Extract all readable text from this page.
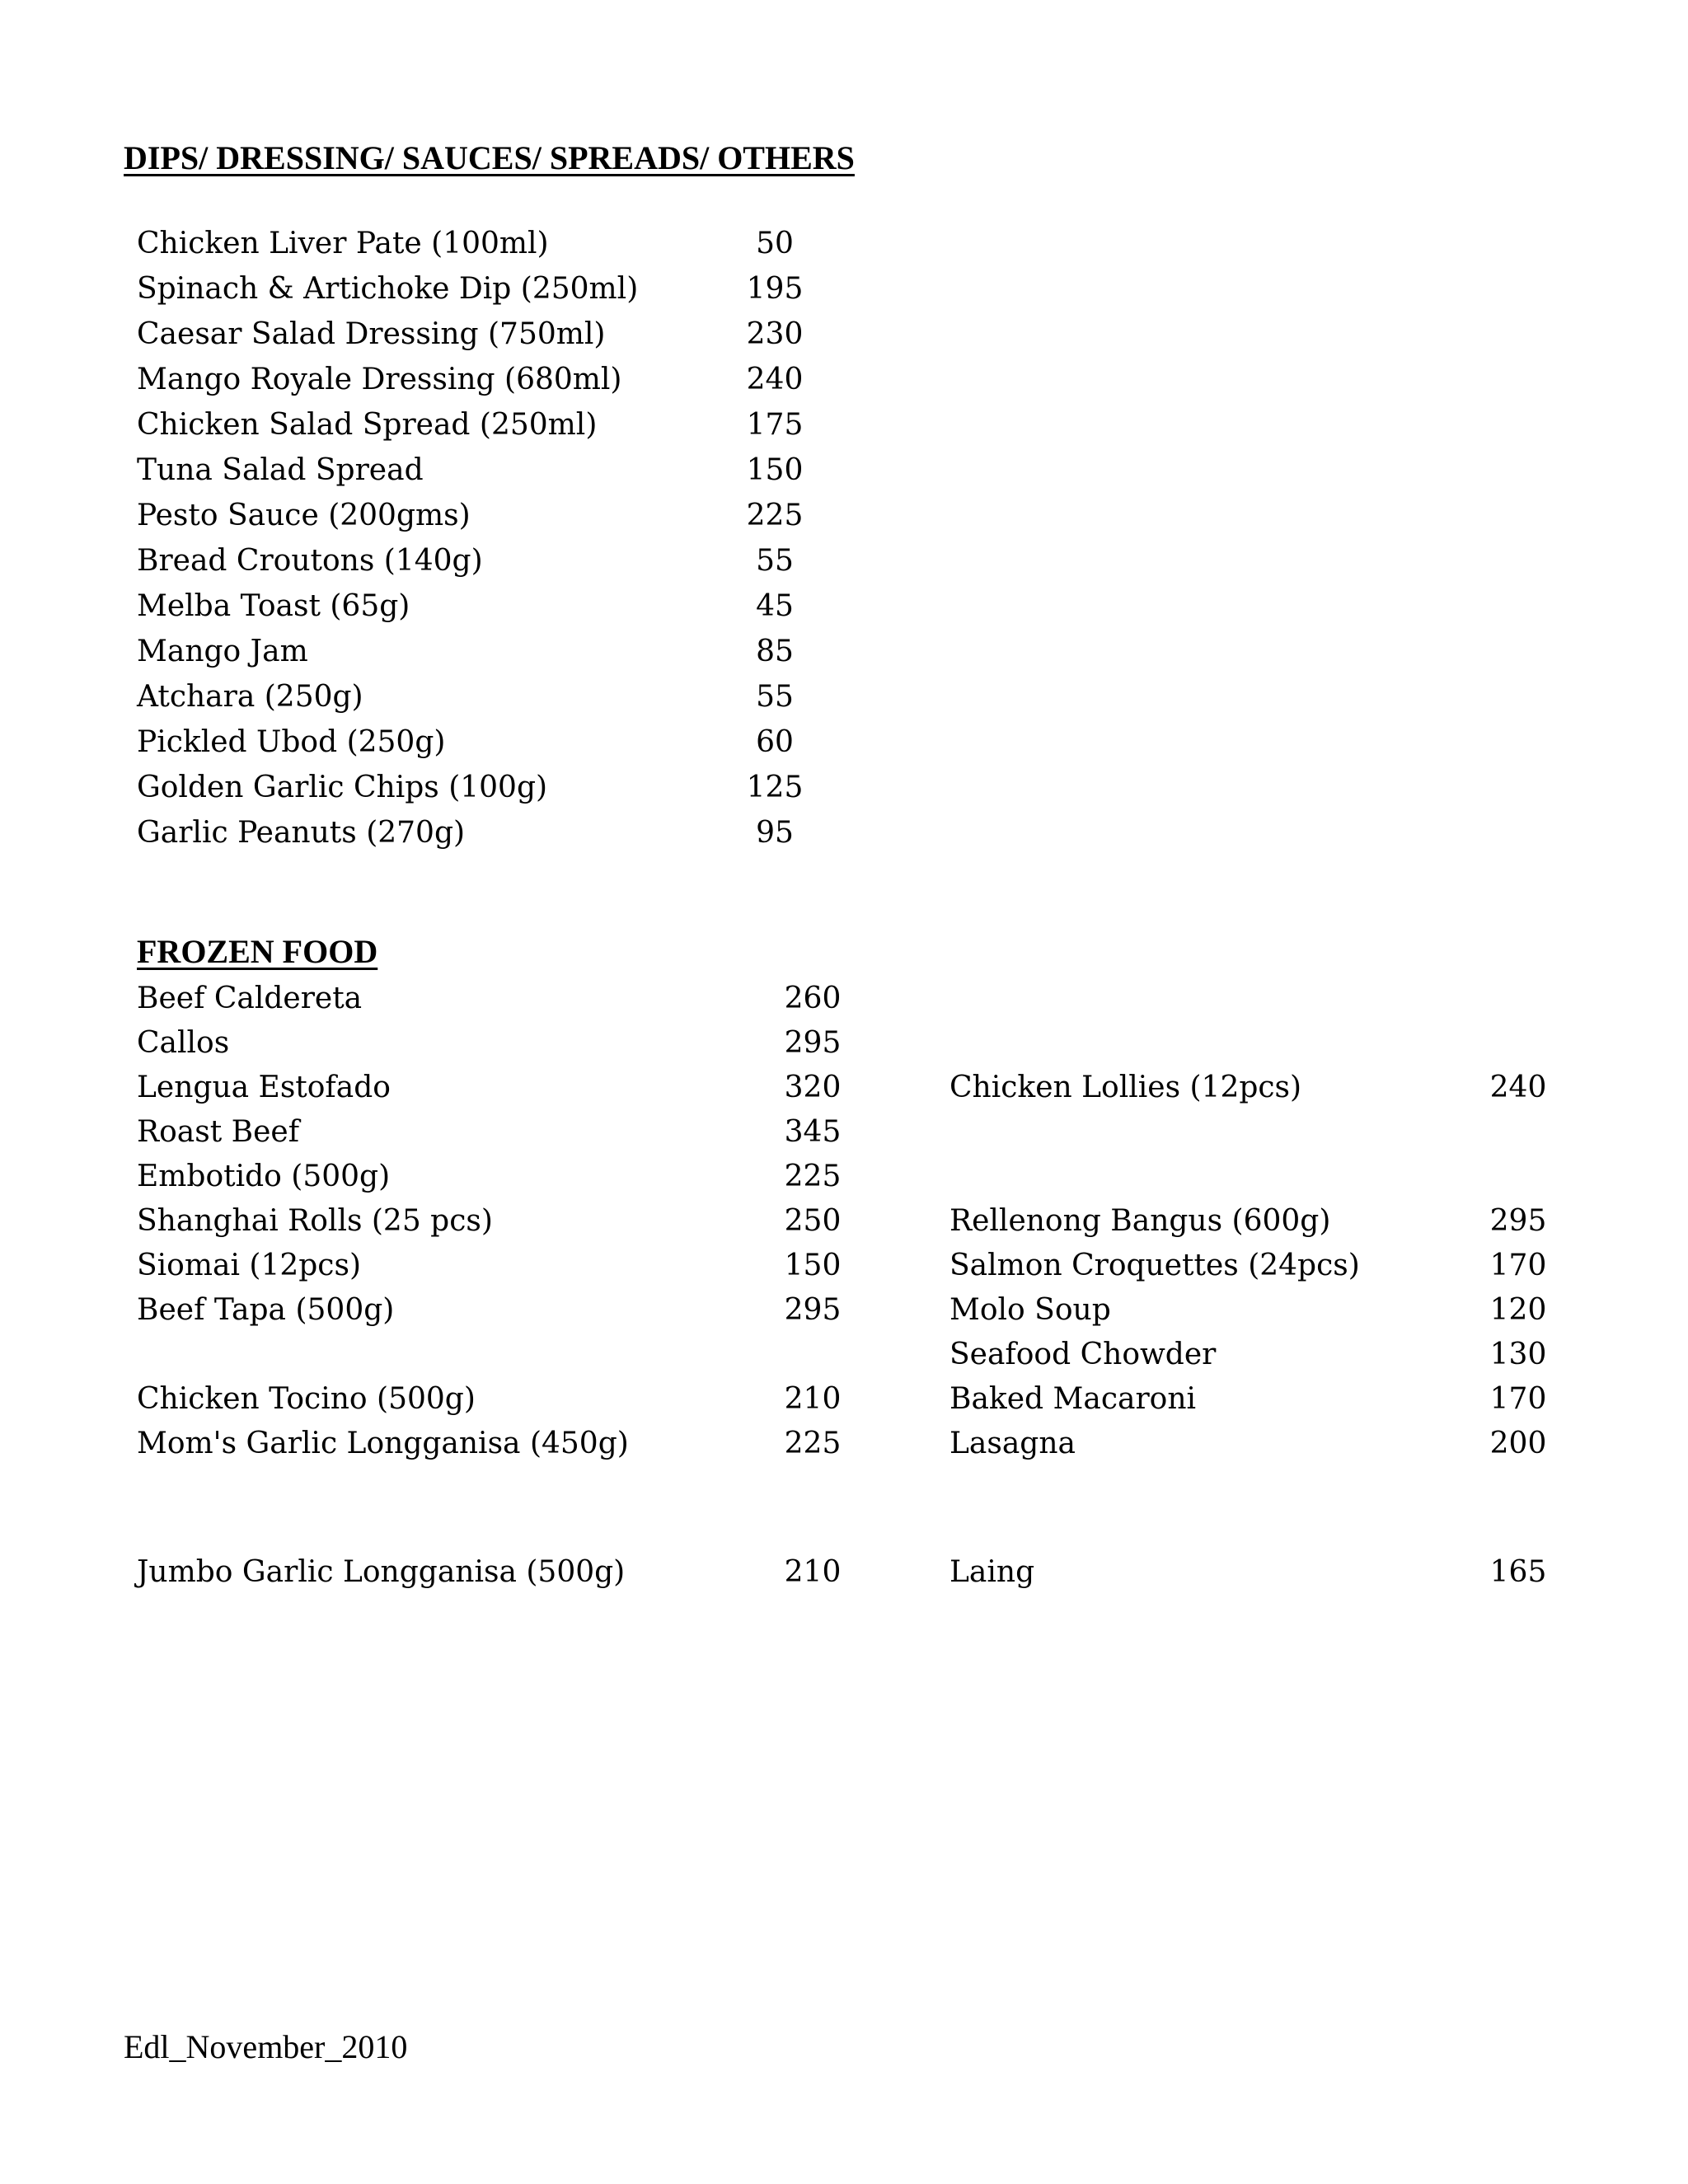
DIPS/ DRESSING/ SAUCES/ SPREADS/ OTHERS
Chicken Liver Pate (100ml)	50
Spinach & Artichoke Dip (250ml)	195
Caesar Salad Dressing (750ml)	230
Mango Royale Dressing (680ml)	240
Chicken Salad Spread (250ml)	175
Tuna Salad Spread	150
Pesto Sauce (200gms)	225
Bread Croutons (140g)	55
Melba Toast (65g)	45
Mango Jam	85
Atchara (250g)	55
Pickled Ubod (250g)	60
Golden Garlic Chips (100g)	125
Garlic Peanuts (270g)	95
FROZEN FOOD
Beef Caldereta	260
Callos	295
Lengua Estofado	320
Roast Beef	345
Embotido (500g)	225
Shanghai Rolls (25 pcs)	250
Siomai (12pcs)	150
Beef Tapa (500g)	295
Chicken Tocino (500g)	210
Mom's Garlic Longganisa (450g)	225
Jumbo Garlic Longganisa (500g)	210
Chicken Lollies (12pcs)	240
Rellenong Bangus (600g)	295
Salmon Croquettes (24pcs)	170
Molo Soup	120
Seafood Chowder	130
Baked Macaroni	170
Lasagna	200
Laing	165
Edl_November_2010
